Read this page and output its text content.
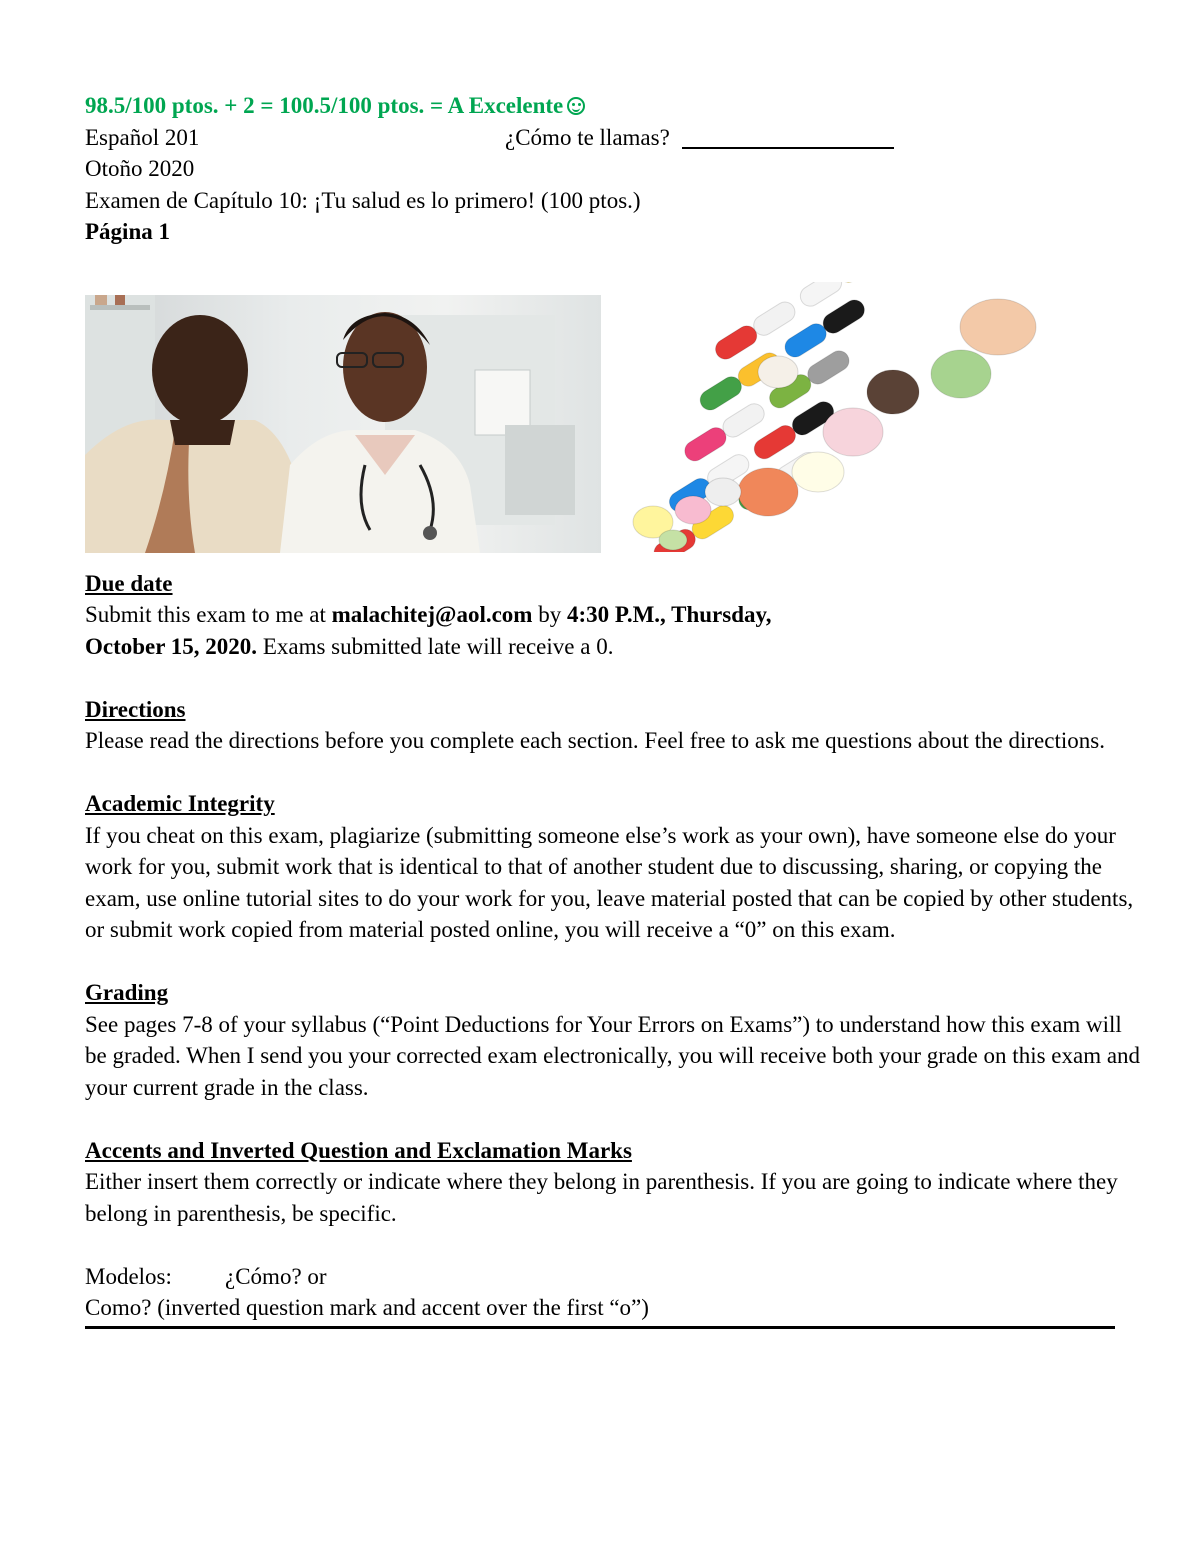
98.5/100 ptos. + 2 = 100.5/100 ptos. = A Excelente
Español 201	¿Cómo te llamas?
Otoño 2020
Examen de Capítulo 10: ¡Tu salud es lo primero! (100 ptos.)
Página 1
Due date

Submit this exam to me at malachitej@aol.com by 4:30 P.M., Thursday,
October 15, 2020. Exams submitted late will receive a 0.

Directions

Please read the directions before you complete each section. Feel free to ask me questions about the directions.

Academic Integrity

If you cheat on this exam, plagiarize (submitting someone else’s work as your own), have someone else do your work for you, submit work that is identical to that of another student due to discussing, sharing, or copying the exam, use online tutorial sites to do your work for you, leave material posted that can be copied by other students, or submit work copied from material posted online, you will receive a “0” on this exam.

Grading

See pages 7-8 of your syllabus (“Point Deductions for Your Errors on Exams”) to understand how this exam will be graded. When I send you your corrected exam electronically, you will receive both your grade on this exam and your current grade in the class.

Accents and Inverted Question and Exclamation Marks

Either insert them correctly or indicate where they belong in parenthesis. If you are going to indicate where they belong in parenthesis, be specific.

Modelos: ¿Cómo? or
Como? (inverted question mark and accent over the first “o”)
